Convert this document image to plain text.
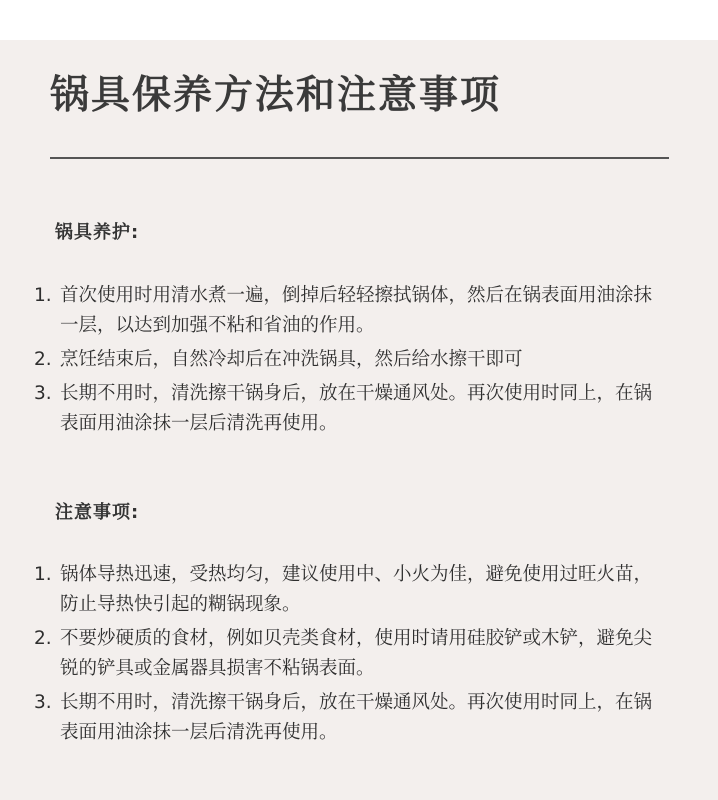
锅具保养方法和注意事项
锅具养护:
1. 首次使用时用清水煮一遍，倒掉后轻轻擦拭锅体，然后在锅表面用油涂抹一层，以达到加强不粘和省油的作用。
2. 烹饪结束后，自然冷却后在冲洗锅具，然后给水擦干即可
3. 长期不用时，清洗擦干锅身后，放在干燥通风处。再次使用时同上，在锅表面用油涂抹一层后清洗再使用。
注意事项:
1. 锅体导热迅速，受热均匀，建议使用中、小火为佳，避免使用过旺火苗，防止导热快引起的糊锅现象。
2. 不要炒硬质的食材，例如贝壳类食材，使用时请用硅胶铲或木铲，避免尖锐的铲具或金属器具损害不粘锅表面。
3. 长期不用时，清洗擦干锅身后，放在干燥通风处。再次使用时同上，在锅表面用油涂抹一层后清洗再使用。
